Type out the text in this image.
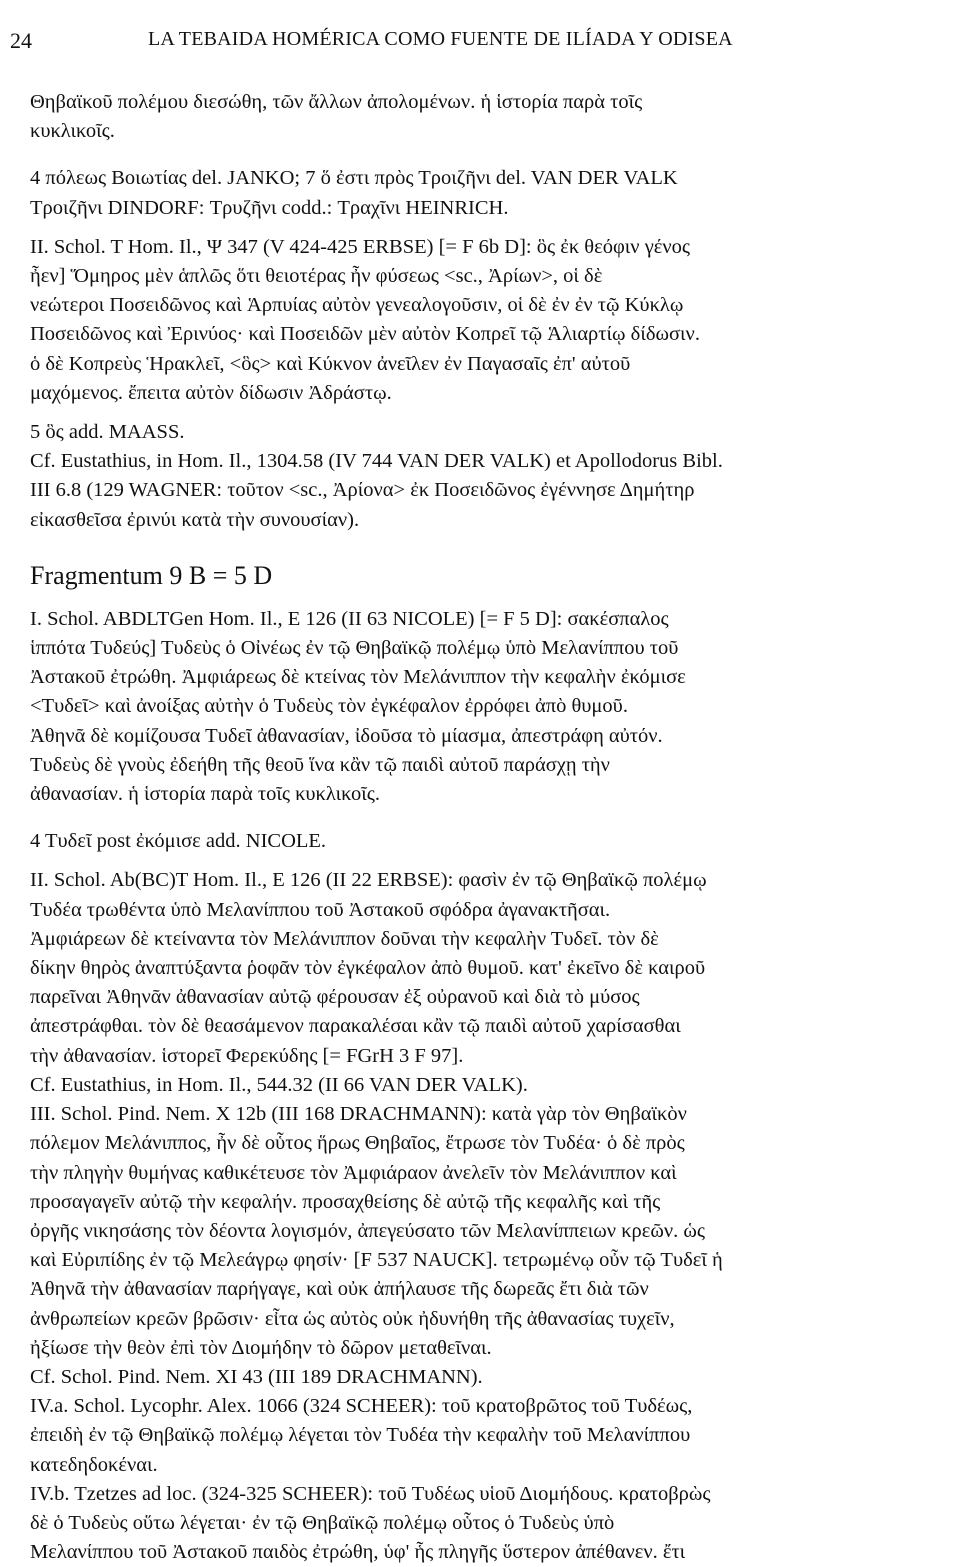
24	LA TEBAIDA HOMÉRICA COMO FUENTE DE ILÍADA Y ODISEA

Θηβαϊκοῦ πολέμου διεσώθη, τῶν ἄλλων ἀπολομένων. ἡ ἱστορία παρὰ τοῖς
κυκλικοῖς.

4 πόλεως Βοιωτίας del. JANKO; 7 ὅ ἐστι πρὸς Τροιζῆνι del. VAN DER VALK
Τροιζῆνι DINDORF: Τρυζῆνι codd.: Τραχῖνι HEINRICH.

II. Schol. T Hom. Il., Ψ 347 (V 424-425 ERBSE) [= F 6b D]: ὃς ἐκ θεόφιν γένος
ἦεν] Ὅμηρος μὲν ἁπλῶς ὅτι θειοτέρας ἦν φύσεως <sc., Ἀρίων>, οἱ δὲ
νεώτεροι Ποσειδῶνος καὶ Ἁρπυίας αὐτὸν γενεαλογοῦσιν, οἱ δὲ ἐν ἐν τῷ Κύκλῳ
Ποσειδῶνος καὶ Ἐρινύος· καὶ Ποσειδῶν μὲν αὐτὸν Κοπρεῖ τῷ Ἁλιαρτίῳ δίδωσιν.
ὁ δὲ Κοπρεὺς Ἡρακλεῖ, <ὃς> καὶ Κύκνον ἀνεῖλεν ἐν Παγασαῖς ἐπ' αὐτοῦ
μαχόμενος. ἔπειτα αὐτὸν δίδωσιν Ἀδράστῳ.

5 ὃς add. MAASS.
Cf. Eustathius, in Hom. Il., 1304.58 (IV 744 VAN DER VALK) et Apollodorus Bibl.
III 6.8 (129 WAGNER: τοῦτον <sc., Ἀρίονα> ἐκ Ποσειδῶνος ἐγέννησε Δημήτηρ
εἰκασθεῖσα ἐρινύι κατὰ τὴν συνουσίαν).

Fragmentum 9 B = 5 D

I. Schol. ABDLTGen Hom. Il., Ε 126 (II 63 NICOLE) [= F 5 D]: σακέσπαλος
ἱππότα Τυδεύς] Τυδεὺς ὁ Οἰνέως ἐν τῷ Θηβαϊκῷ πολέμῳ ὑπὸ Μελανίππου τοῦ
Ἀστακοῦ ἐτρώθη. Ἀμφιάρεως δὲ κτείνας τὸν Μελάνιππον τὴν κεφαλὴν ἐκόμισε
<Τυδεῖ> καὶ ἀνοίξας αὐτὴν ὁ Τυδεὺς τὸν ἐγκέφαλον ἐρρόφει ἀπὸ θυμοῦ.
Ἀθηνᾶ δὲ κομίζουσα Τυδεῖ ἀθανασίαν, ἰδοῦσα τὸ μίασμα, ἀπεστράφη αὐτόν.
Τυδεὺς δὲ γνοὺς ἐδεήθη τῆς θεοῦ ἵνα κἂν τῷ παιδὶ αὐτοῦ παράσχῃ τὴν
ἀθανασίαν. ἡ ἱστορία παρὰ τοῖς κυκλικοῖς.

4 Τυδεῖ post ἐκόμισε add. NICOLE.

II. Schol. Ab(BC)T Hom. Il., Ε 126 (II 22 ERBSE): φασὶν ἐν τῷ Θηβαϊκῷ πολέμῳ
Τυδέα τρωθέντα ὑπὸ Μελανίππου τοῦ Ἀστακοῦ σφόδρα ἀγανακτῆσαι.
Ἀμφιάρεων δὲ κτείναντα τὸν Μελάνιππον δοῦναι τὴν κεφαλὴν Τυδεῖ. τὸν δὲ
δίκην θηρὸς ἀναπτύξαντα ῥοφᾶν τὸν ἐγκέφαλον ἀπὸ θυμοῦ. κατ' ἐκεῖνο δὲ καιροῦ
παρεῖναι Ἀθηνᾶν ἀθανασίαν αὐτῷ φέρουσαν ἐξ οὐρανοῦ καὶ διὰ τὸ μύσος
ἀπεστράφθαι. τὸν δὲ θεασάμενον παρακαλέσαι κἂν τῷ παιδὶ αὐτοῦ χαρίσασθαι
τὴν ἀθανασίαν. ἱστορεῖ Φερεκύδης [= FGrH 3 F 97].
Cf. Eustathius, in Hom. Il., 544.32 (II 66 VAN DER VALK).

III. Schol. Pind. Nem. X 12b (III 168 DRACHMANN): κατὰ γὰρ τὸν Θηβαϊκὸν
πόλεμον Μελάνιππος, ἦν δὲ οὗτος ἥρως Θηβαῖος, ἔτρωσε τὸν Τυδέα· ὁ δὲ πρὸς
τὴν πληγὴν θυμήνας καθικέτευσε τὸν Ἀμφιάραον ἀνελεῖν τὸν Μελάνιππον καὶ
προσαγαγεῖν αὐτῷ τὴν κεφαλήν. προσαχθείσης δὲ αὐτῷ τῆς κεφαλῆς καὶ τῆς
ὀργῆς νικησάσης τὸν δέοντα λογισμόν, ἀπεγεύσατο τῶν Μελανίππειων κρεῶν. ὡς
καὶ Εὐριπίδης ἐν τῷ Μελεάγρῳ φησίν· [F 537 NAUCK]. τετρωμένῳ οὖν τῷ Τυδεῖ ἡ
Ἀθηνᾶ τὴν ἀθανασίαν παρήγαγε, καὶ οὐκ ἀπήλαυσε τῆς δωρεᾶς ἔτι διὰ τῶν
ἀνθρωπείων κρεῶν βρῶσιν· εἶτα ὡς αὐτὸς οὐκ ἠδυνήθη τῆς ἀθανασίας τυχεῖν,
ἠξίωσε τὴν θεὸν ἐπὶ τὸν Διομήδην τὸ δῶρον μεταθεῖναι.
Cf. Schol. Pind. Nem. XI 43 (III 189 DRACHMANN).

IV.a. Schol. Lycophr. Alex. 1066 (324 SCHEER): τοῦ κρατοβρῶτος τοῦ Τυδέως,
ἐπειδὴ ἐν τῷ Θηβαϊκῷ πολέμῳ λέγεται τὸν Τυδέα τὴν κεφαλὴν τοῦ Μελανίππου
κατεδηδοκέναι.
IV.b. Tzetzes ad loc. (324-325 SCHEER): τοῦ Τυδέως υἱοῦ Διομήδους. κρατοβρὼς
δὲ ὁ Τυδεὺς οὕτω λέγεται· ἐν τῷ Θηβαϊκῷ πολέμῳ οὗτος ὁ Τυδεὺς ὑπὸ
Μελανίππου τοῦ Ἀστακοῦ παιδὸς ἐτρώθη, ὑφ' ἧς πληγῆς ὕστερον ἀπέθανεν. ἔτι
